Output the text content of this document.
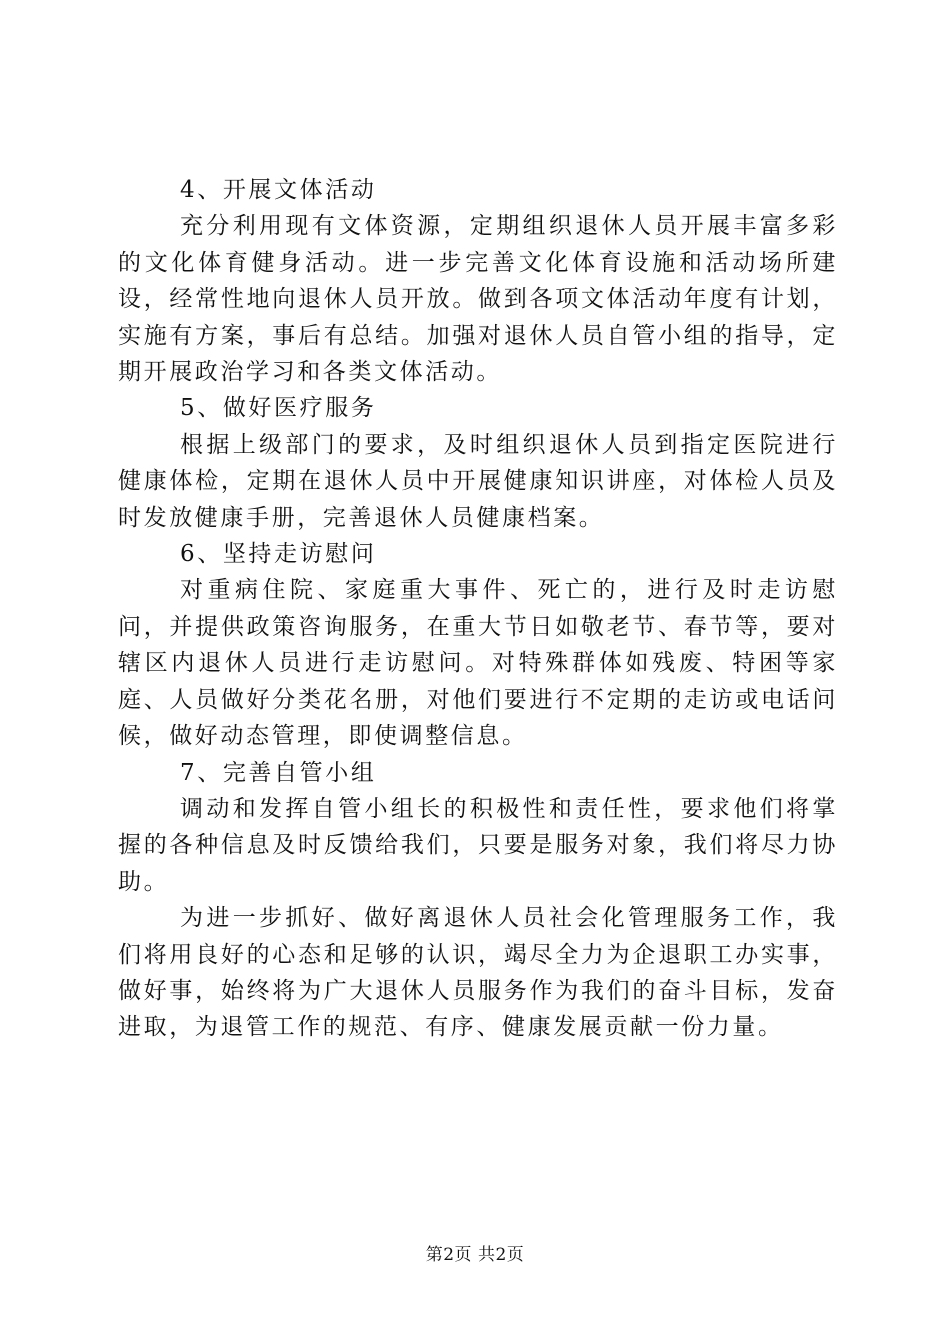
4、开展文体活动

充分利用现有文体资源，定期组织退休人员开展丰富多彩的文化体育健身活动。进一步完善文化体育设施和活动场所建设，经常性地向退休人员开放。做到各项文体活动年度有计划，实施有方案，事后有总结。加强对退休人员自管小组的指导，定期开展政治学习和各类文体活动。

5、做好医疗服务

根据上级部门的要求，及时组织退休人员到指定医院进行健康体检，定期在退休人员中开展健康知识讲座，对体检人员及时发放健康手册，完善退休人员健康档案。

6、坚持走访慰问

对重病住院、家庭重大事件、死亡的，进行及时走访慰问，并提供政策咨询服务，在重大节日如敬老节、春节等，要对辖区内退休人员进行走访慰问。对特殊群体如残废、特困等家庭、人员做好分类花名册，对他们要进行不定期的走访或电话问候，做好动态管理，即使调整信息。

7、完善自管小组

调动和发挥自管小组长的积极性和责任性，要求他们将掌握的各种信息及时反馈给我们，只要是服务对象，我们将尽力协助。

为进一步抓好、做好离退休人员社会化管理服务工作，我们将用良好的心态和足够的认识，竭尽全力为企退职工办实事，做好事，始终将为广大退休人员服务作为我们的奋斗目标，发奋进取，为退管工作的规范、有序、健康发展贡献一份力量。

第2页 共2页
